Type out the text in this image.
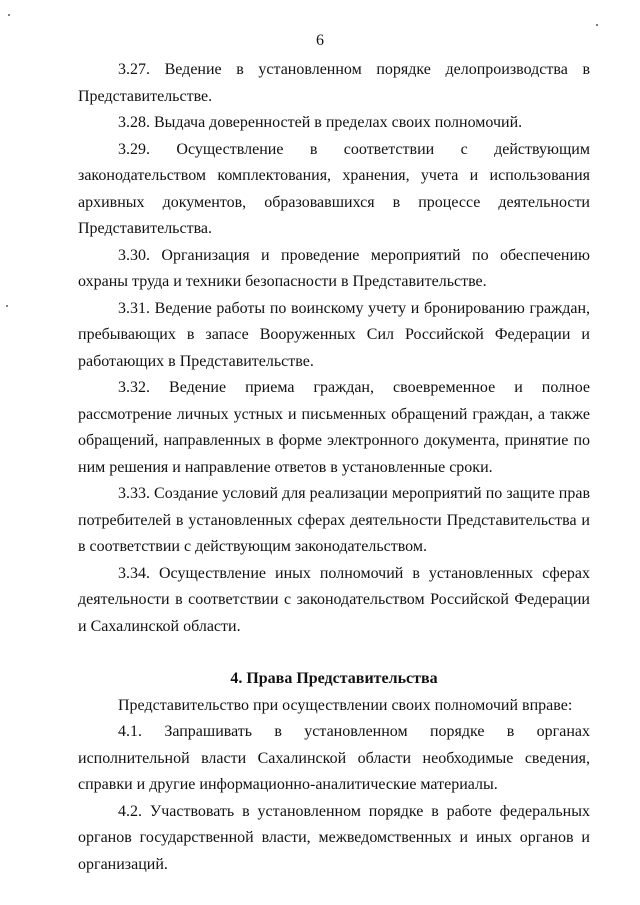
6

3.27. Ведение в установленном порядке делопроизводства в Представительстве.

3.28. Выдача доверенностей в пределах своих полномочий.

3.29. Осуществление в соответствии с действующим законодательством комплектования, хранения, учета и использования архивных документов, образовавшихся в процессе деятельности Представительства.

3.30. Организация и проведение мероприятий по обеспечению охраны труда и техники безопасности в Представительстве.

3.31. Ведение работы по воинскому учету и бронированию граждан, пребывающих в запасе Вооруженных Сил Российской Федерации и работающих в Представительстве.

3.32. Ведение приема граждан, своевременное и полное рассмотрение личных устных и письменных обращений граждан, а также обращений, направленных в форме электронного документа, принятие по ним решения и направление ответов в установленные сроки.

3.33. Создание условий для реализации мероприятий по защите прав потребителей в установленных сферах деятельности Представительства и в соответствии с действующим законодательством.

3.34. Осуществление иных полномочий в установленных сферах деятельности в соответствии с законодательством Российской Федерации и Сахалинской области.

4. Права Представительства

Представительство при осуществлении своих полномочий вправе:

4.1. Запрашивать в установленном порядке в органах исполнительной власти Сахалинской области необходимые сведения, справки и другие информационно-аналитические материалы.

4.2. Участвовать в установленном порядке в работе федеральных органов государственной власти, межведомственных и иных органов и организаций.
